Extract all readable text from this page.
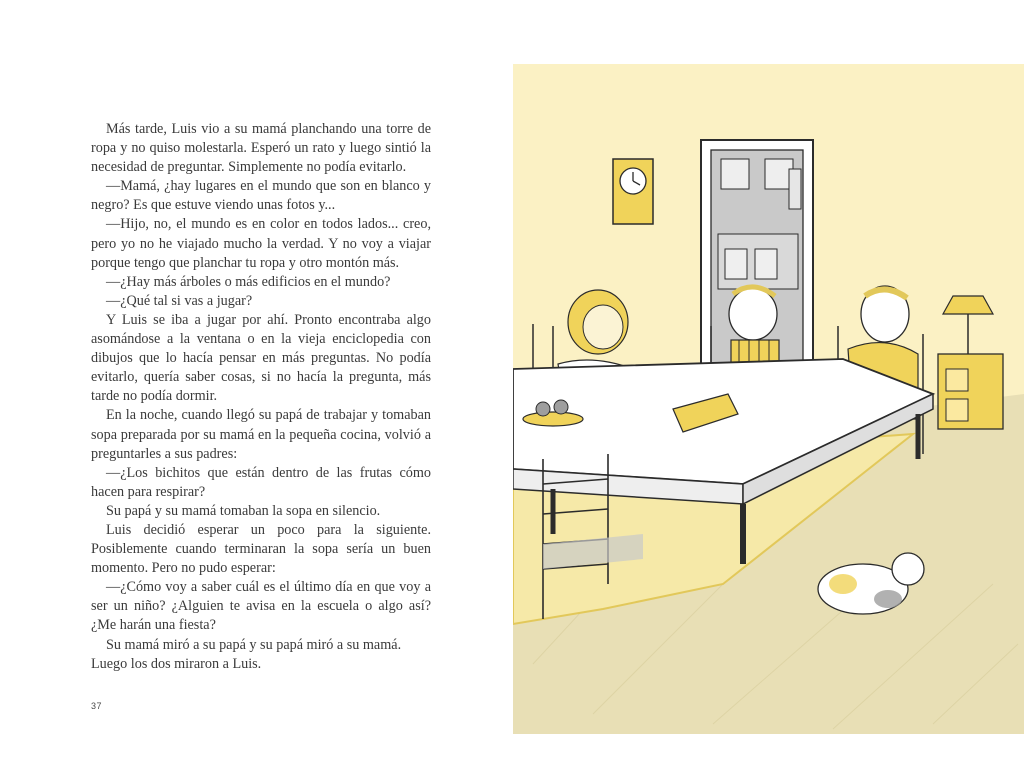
Más tarde, Luis vio a su mamá planchando una torre de ropa y no quiso molestarla. Esperó un rato y luego sintió la necesidad de preguntar. Simplemente no podía evitarlo.

—Mamá, ¿hay lugares en el mundo que son en blanco y negro? Es que estuve viendo unas fotos y...

—Hijo, no, el mundo es en color en todos lados... creo, pero yo no he viajado mucho la verdad. Y no voy a viajar porque tengo que planchar tu ropa y otro montón más.

—¿Hay más árboles o más edificios en el mundo?

—¿Qué tal si vas a jugar?

Y Luis se iba a jugar por ahí. Pronto encontraba algo asomándose a la ventana o en la vieja enciclopedia con dibujos que lo hacía pensar en más preguntas. No podía evitarlo, quería saber cosas, si no hacía la pregunta, más tarde no podía dormir.

En la noche, cuando llegó su papá de trabajar y tomaban sopa preparada por su mamá en la pequeña cocina, volvió a preguntarles a sus padres:

—¿Los bichitos que están dentro de las frutas cómo hacen para respirar?

Su papá y su mamá tomaban la sopa en silencio.

Luis decidió esperar un poco para la siguiente. Posiblemente cuando terminaran la sopa sería un buen momento. Pero no pudo esperar:

—¿Cómo voy a saber cuál es el último día en que voy a ser un niño? ¿Alguien te avisa en la escuela o algo así? ¿Me harán una fiesta?

Su mamá miró a su papá y su papá miró a su mamá. Luego los dos miraron a Luis.

37
